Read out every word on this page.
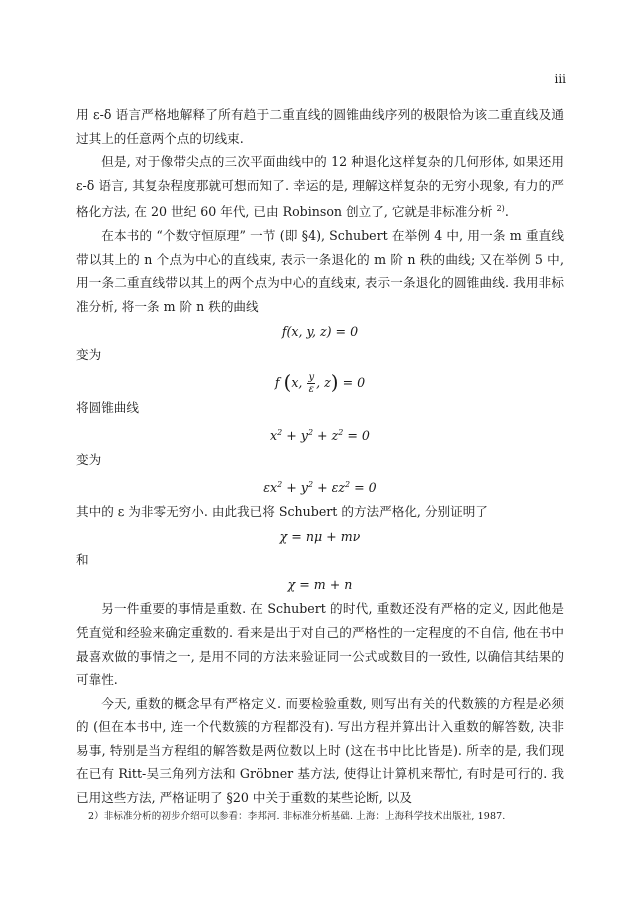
iii

用 ε-δ 语言严格地解释了所有趋于二重直线的圆锥曲线序列的极限恰为该二重直线及通过其上的任意两个点的切线束.

但是, 对于像带尖点的三次平面曲线中的 12 种退化这样复杂的几何形体, 如果还用 ε-δ 语言, 其复杂程度那就可想而知了. 幸运的是, 理解这样复杂的无穷小现象, 有力的严格化方法, 在 20 世纪 60 年代, 已由 Robinson 创立了, 它就是非标准分析 $^{2)}$.

在本书的 “个数守恒原理” 一节 (即 §4), Schubert 在举例 4 中, 用一条 m 重直线带以其上的 n 个点为中心的直线束, 表示一条退化的 m 阶 n 秩的曲线; 又在举例 5 中, 用一条二重直线带以其上的两个点为中心的直线束, 表示一条退化的圆锥曲线. 我用非标准分析, 将一条 m 阶 n 秩的曲线

f(x, y, z) = 0
变为
f (x, $\frac{y}{\varepsilon}$ , z) = 0
将圆锥曲线
$x^2 + y^2 + z^2 = 0$
变为
$\varepsilon x^2 + y^2 + \varepsilon z^2 = 0$

其中的 ε 为非零无穷小. 由此我已将 Schubert 的方法严格化, 分别证明了

χ = nμ + mν
和
χ = m + n

另一件重要的事情是重数. 在 Schubert 的时代, 重数还没有严格的定义, 因此他是凭直觉和经验来确定重数的. 看来是出于对自己的严格性的一定程度的不自信, 他在书中最喜欢做的事情之一, 是用不同的方法来验证同一公式或数目的一致性, 以确信其结果的可靠性.

今天, 重数的概念早有严格定义. 而要检验重数, 则写出有关的代数簇的方程是必须的 (但在本书中, 连一个代数簇的方程都没有). 写出方程并算出计入重数的解答数, 决非易事, 特别是当方程组的解答数是两位数以上时 (这在书中比比皆是). 所幸的是, 我们现在已有 Ritt-吴三角列方法和 Gröbner 基方法, 使得让计算机来帮忙, 有时是可行的. 我已用这些方法, 严格证明了 §20 中关于重数的某些论断, 以及

2）非标准分析的初步介绍可以参看：李邦河. 非标准分析基础. 上海：上海科学技术出版社, 1987.
